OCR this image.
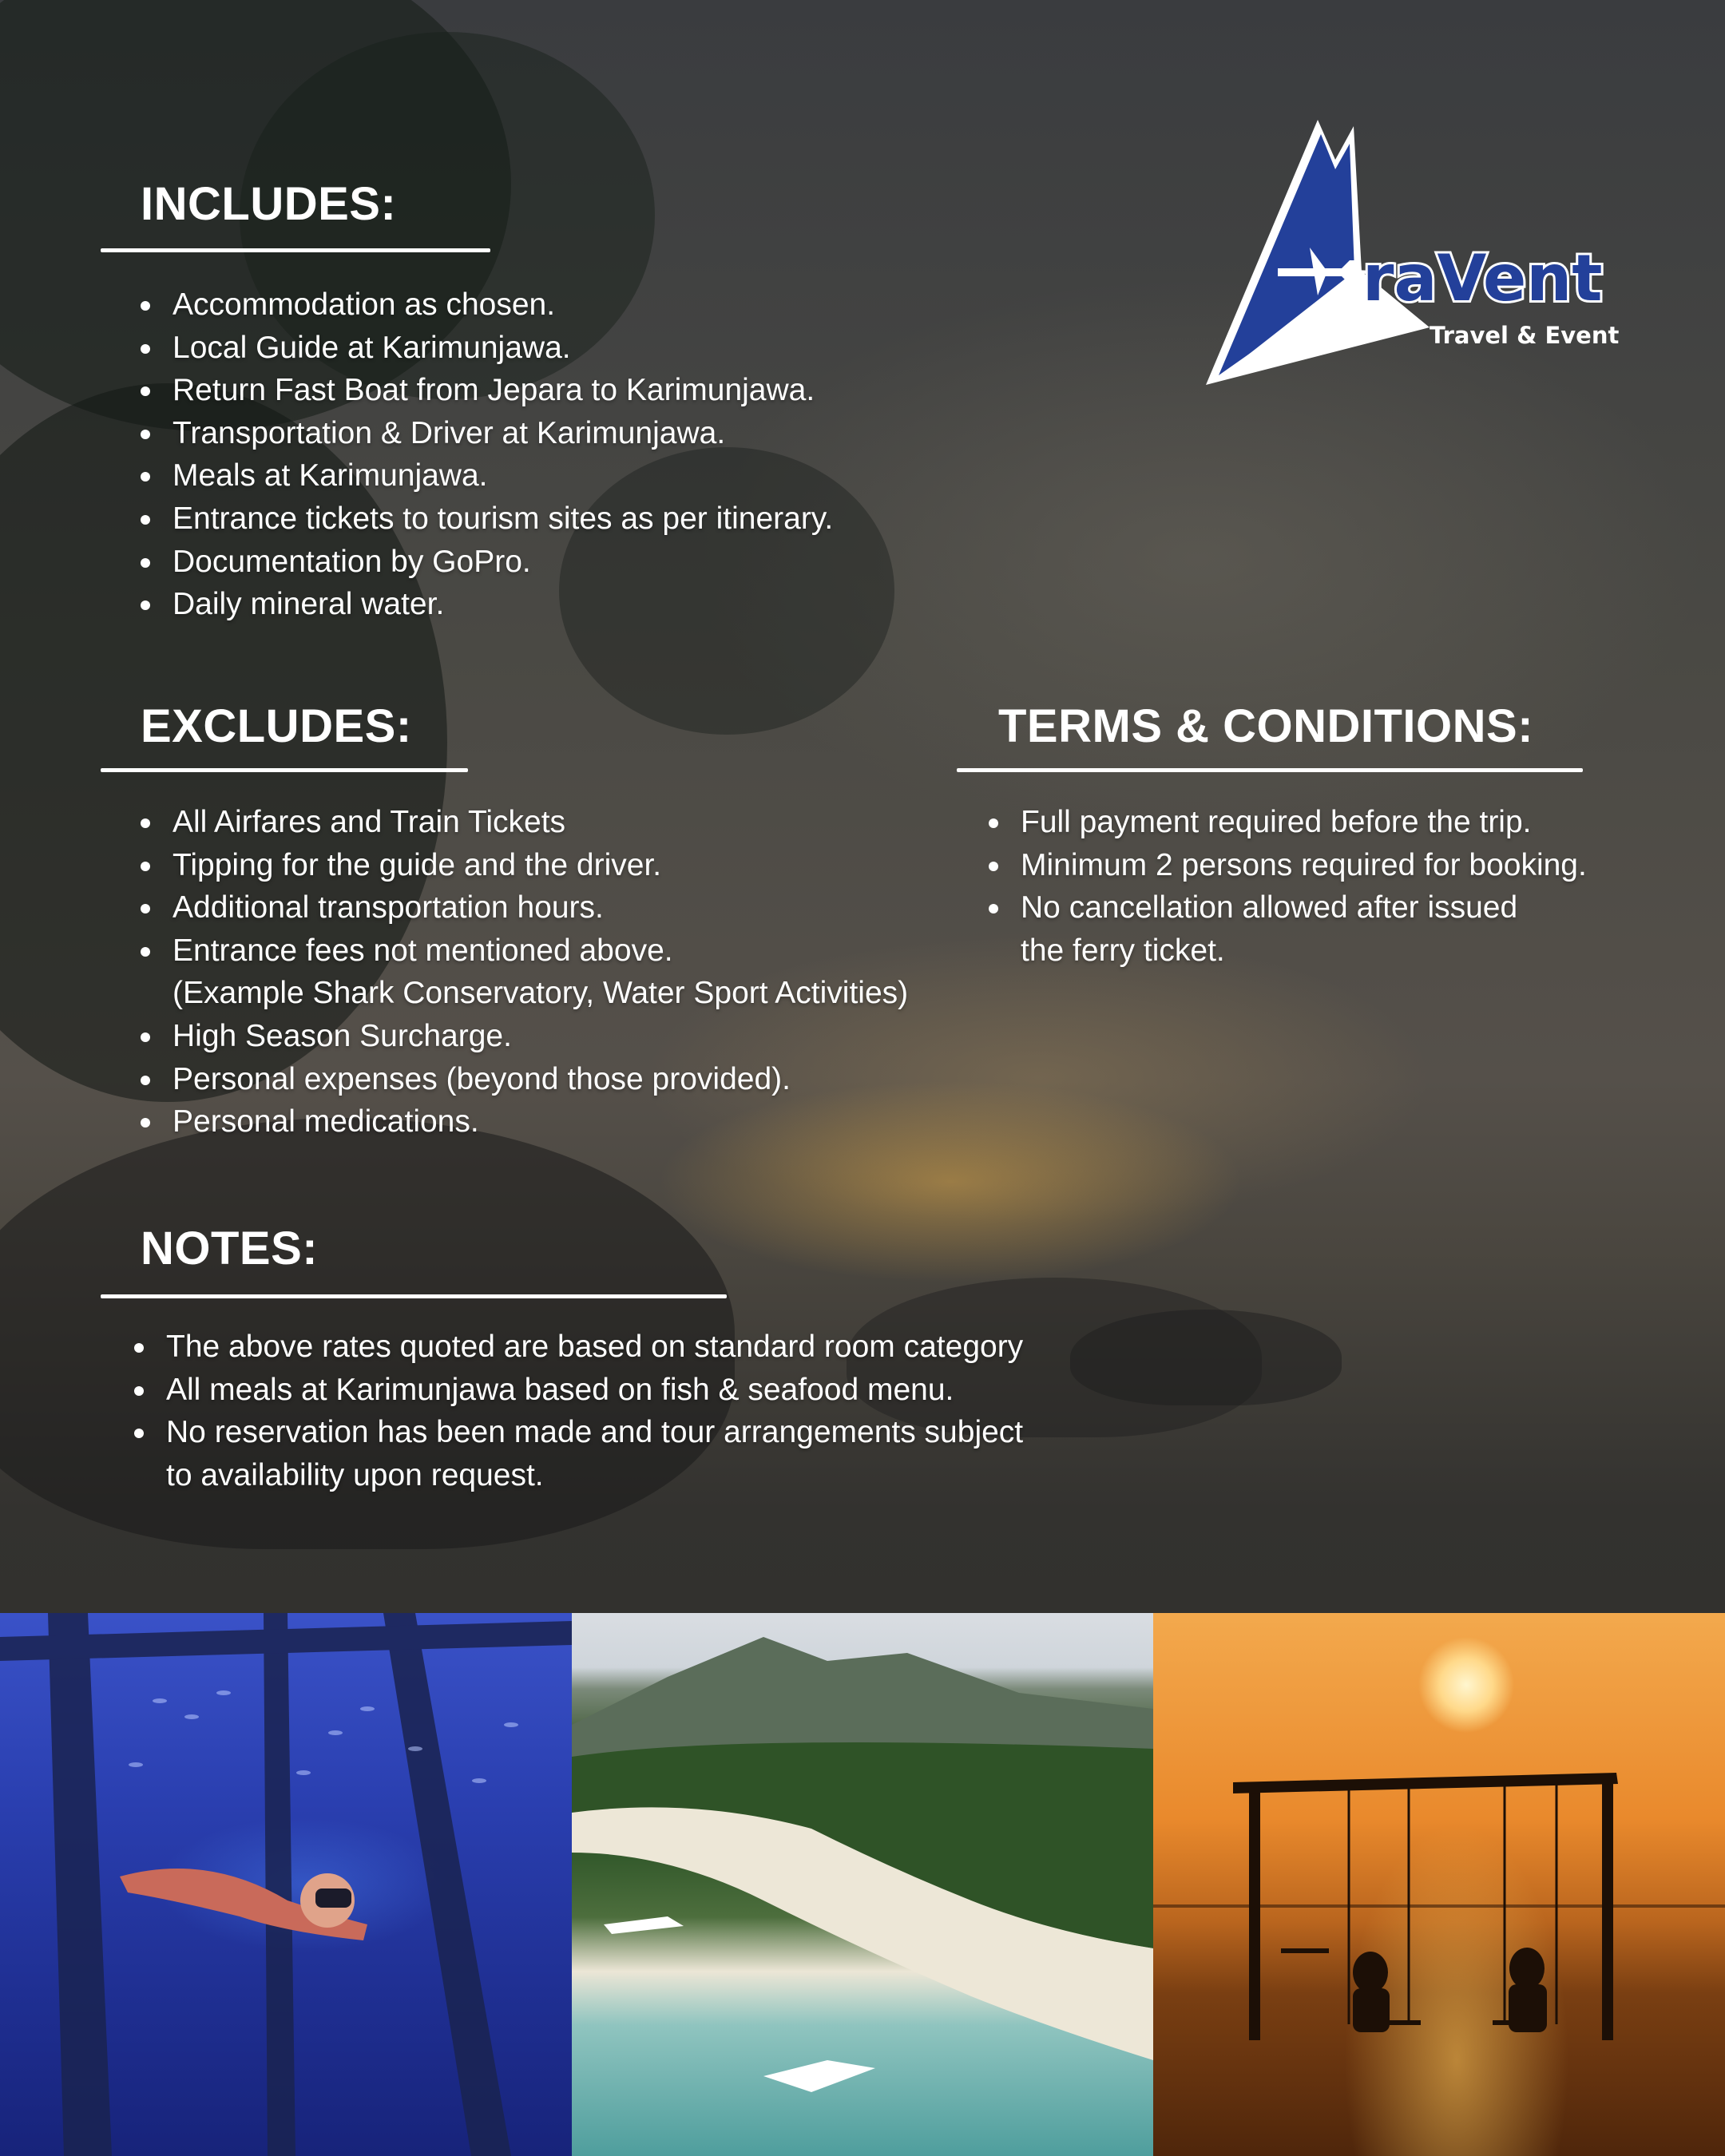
INCLUDES:
Accommodation as chosen.
Local Guide at Karimunjawa.
Return Fast Boat from Jepara to Karimunjawa.
Transportation & Driver at Karimunjawa.
Meals at Karimunjawa.
Entrance tickets to tourism sites as per itinerary.
Documentation by GoPro.
Daily mineral water.
EXCLUDES:
All Airfares and Train Tickets
Tipping for the guide and the driver.
Additional transportation hours.
Entrance fees not mentioned above.
(Example Shark Conservatory, Water Sport Activities)
High Season Surcharge.
Personal expenses (beyond those provided).
Personal medications.
TERMS & CONDITIONS:
Full payment required before the trip.
Minimum 2 persons required for booking.
No cancellation allowed after issued
the ferry ticket.
NOTES:
The above rates quoted are based on standard room category
All meals at Karimunjawa based on fish & seafood menu.
No reservation has been made and tour arrangements subject
to availability upon request.
raVent
Travel & Event
